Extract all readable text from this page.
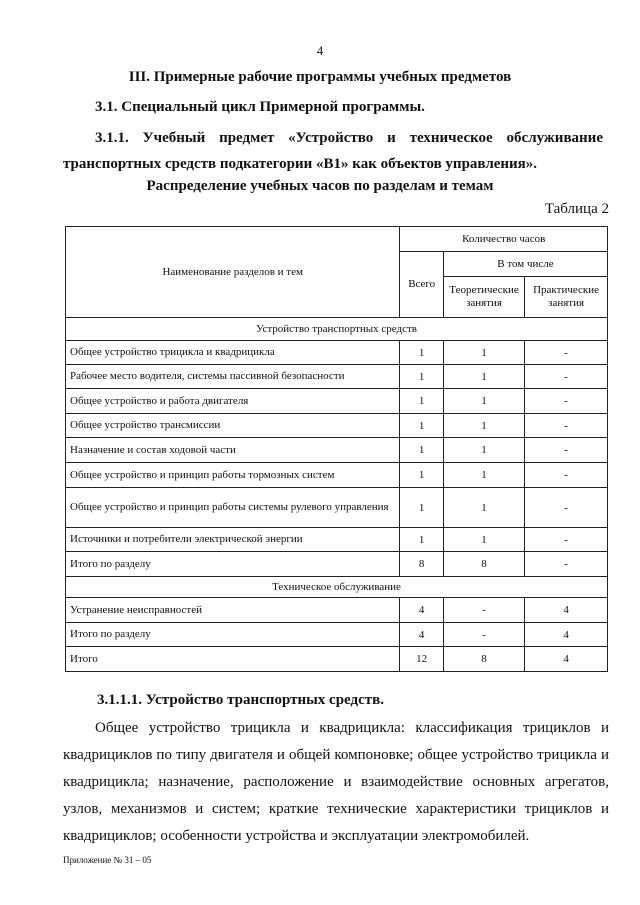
4
III. Примерные рабочие программы учебных предметов
3.1. Специальный цикл Примерной программы.
3.1.1. Учебный предмет «Устройство и техническое обслуживание транспортных средств подкатегории «B1» как объектов управления».
Распределение учебных часов по разделам и темам
Таблица 2
Наименование разделов и тем	Количество часов		
	Всего	В том числе	
		Теоретические занятия	Практические занятия
Устройство транспортных средств			
Общее устройство трицикла и квадрицикла	1	1	-
Рабочее место водителя, системы пассивной безопасности	1	1	-
Общее устройство и работа двигателя	1	1	-
Общее устройство трансмиссии	1	1	-
Назначение и состав ходовой части	1	1	-
Общее устройство и принцип работы тормозных систем	1	1	-
Общее устройство и принцип работы системы рулевого управления	1	1	-
Источники и потребители электрической энергии	1	1	-
Итого по разделу	8	8	-
Техническое обслуживание			
Устранение неисправностей	4	-	4
Итого по разделу	4	-	4
Итого	12	8	4
3.1.1.1. Устройство транспортных средств.

Общее устройство трицикла и квадрицикла: классификация трициклов и квадрициклов по типу двигателя и общей компоновке; общее устройство трицикла и квадрицикла; назначение, расположение и взаимодействие основных агрегатов, узлов, механизмов и систем; краткие технические характеристики трициклов и квадрициклов; особенности устройства и эксплуатации электромобилей.

Приложение № 31 – 05
